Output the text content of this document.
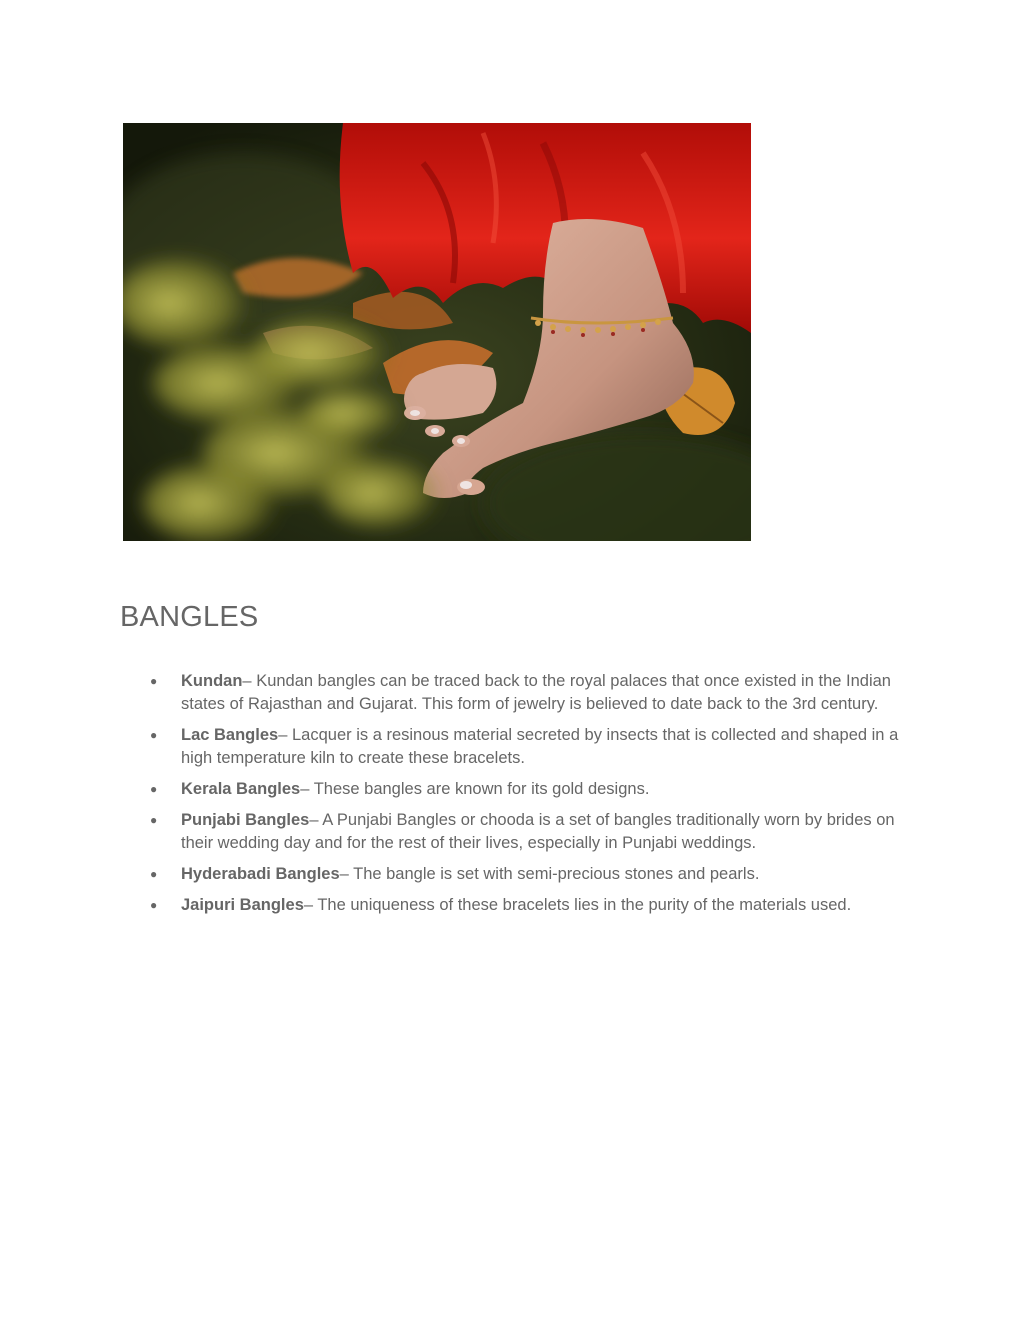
BANGLES
● Kundan– Kundan bangles can be traced back to the royal palaces that once existed in the Indian states of Rajasthan and Gujarat. This form of jewelry is believed to date back to the 3rd century.
● Lac Bangles– Lacquer is a resinous material secreted by insects that is collected and shaped in a high temperature kiln to create these bracelets.
● Kerala Bangles– These bangles are known for its gold designs.
● Punjabi Bangles– A Punjabi Bangles or chooda is a set of bangles traditionally worn by brides on their wedding day and for the rest of their lives, especially in Punjabi weddings.
● Hyderabadi Bangles– The bangle is set with semi-precious stones and pearls.
● Jaipuri Bangles– The uniqueness of these bracelets lies in the purity of the materials used.
